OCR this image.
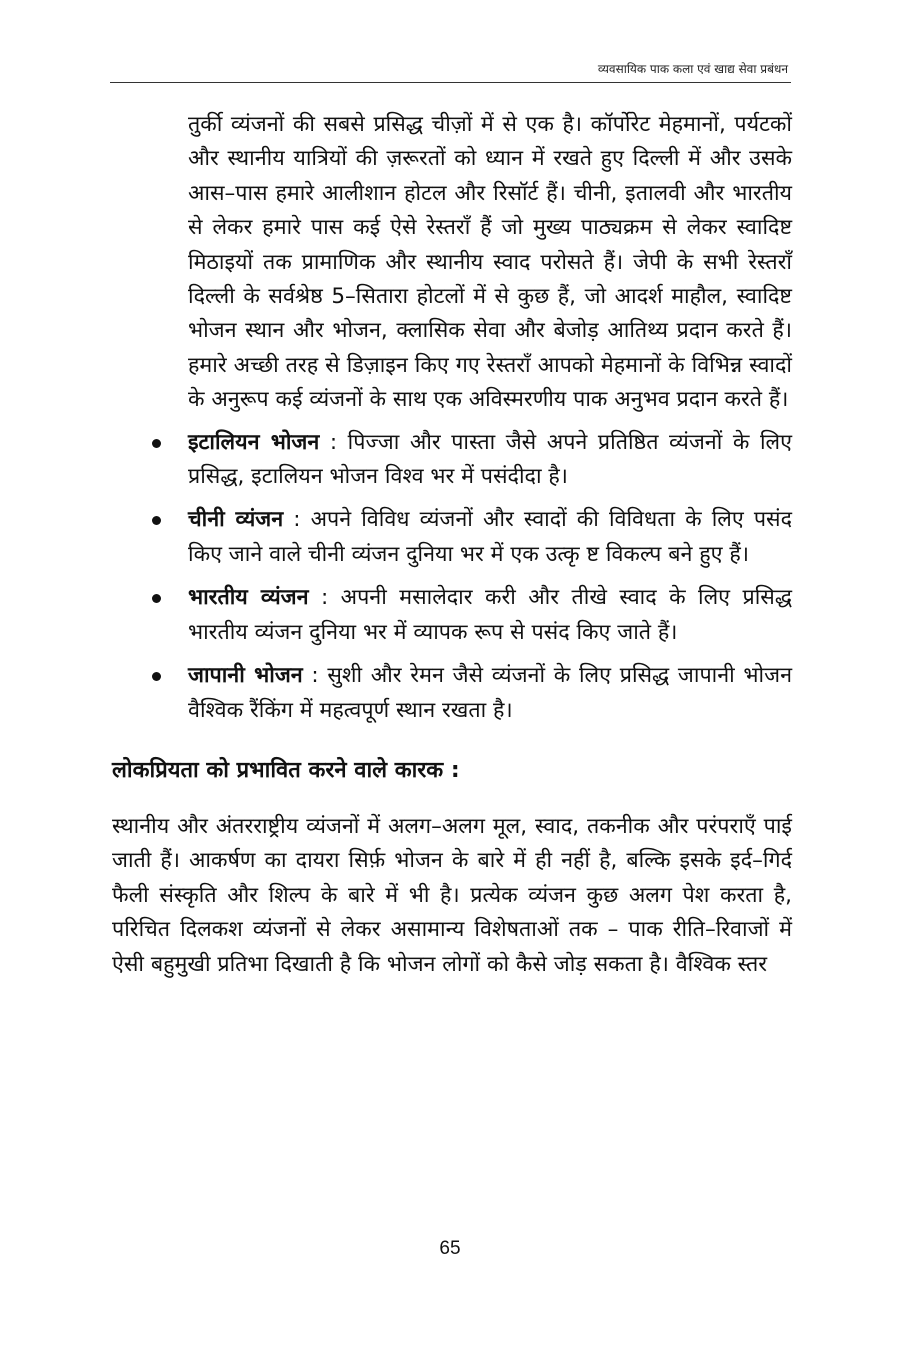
व्यवसायिक पाक कला एवं खाद्य सेवा प्रबंधन

तुर्की व्यंजनों की सबसे प्रसिद्ध चीज़ों में से एक है। कॉर्पोरेट मेहमानों, पर्यटकों और स्थानीय यात्रियों की ज़रूरतों को ध्यान में रखते हुए दिल्ली में और उसके आस–पास हमारे आलीशान होटल और रिसॉर्ट हैं। चीनी, इतालवी और भारतीय से लेकर हमारे पास कई ऐसे रेस्तराँ हैं जो मुख्य पाठ्यक्रम से लेकर स्वादिष्ट मिठाइयों तक प्रामाणिक और स्थानीय स्वाद परोसते हैं। जेपी के सभी रेस्तराँ दिल्ली के सर्वश्रेष्ठ 5–सितारा होटलों में से कुछ हैं, जो आदर्श माहौल, स्वादिष्ट भोजन स्थान और भोजन, क्लासिक सेवा और बेजोड़ आतिथ्य प्रदान करते हैं। हमारे अच्छी तरह से डिज़ाइन किए गए रेस्तराँ आपको मेहमानों के विभिन्न स्वादों के अनुरूप कई व्यंजनों के साथ एक अविस्मरणीय पाक अनुभव प्रदान करते हैं।

इटालियन भोजन : पिज्जा और पास्ता जैसे अपने प्रतिष्ठित व्यंजनों के लिए प्रसिद्ध, इटालियन भोजन विश्व भर में पसंदीदा है।
चीनी व्यंजन : अपने विविध व्यंजनों और स्वादों की विविधता के लिए पसंद किए जाने वाले चीनी व्यंजन दुनिया भर में एक उत्कृ ष्ट विकल्प बने हुए हैं।
भारतीय व्यंजन : अपनी मसालेदार करी और तीखे स्वाद के लिए प्रसिद्ध भारतीय व्यंजन दुनिया भर में व्यापक रूप से पसंद किए जाते हैं।
जापानी भोजन : सुशी और रेमन जैसे व्यंजनों के लिए प्रसिद्ध जापानी भोजन वैश्विक रैंकिंग में महत्वपूर्ण स्थान रखता है।
लोकप्रियता को प्रभावित करने वाले कारक :

स्थानीय और अंतरराष्ट्रीय व्यंजनों में अलग–अलग मूल, स्वाद, तकनीक और परंपराएँ पाई जाती हैं। आकर्षण का दायरा सिर्फ़ भोजन के बारे में ही नहीं है, बल्कि इसके इर्द–गिर्द फैली संस्कृति और शिल्प के बारे में भी है। प्रत्येक व्यंजन कुछ अलग पेश करता है, परिचित दिलकश व्यंजनों से लेकर असामान्य विशेषताओं तक – पाक रीति–रिवाजों में ऐसी बहुमुखी प्रतिभा दिखाती है कि भोजन लोगों को कैसे जोड़ सकता है। वैश्विक स्तर

65
